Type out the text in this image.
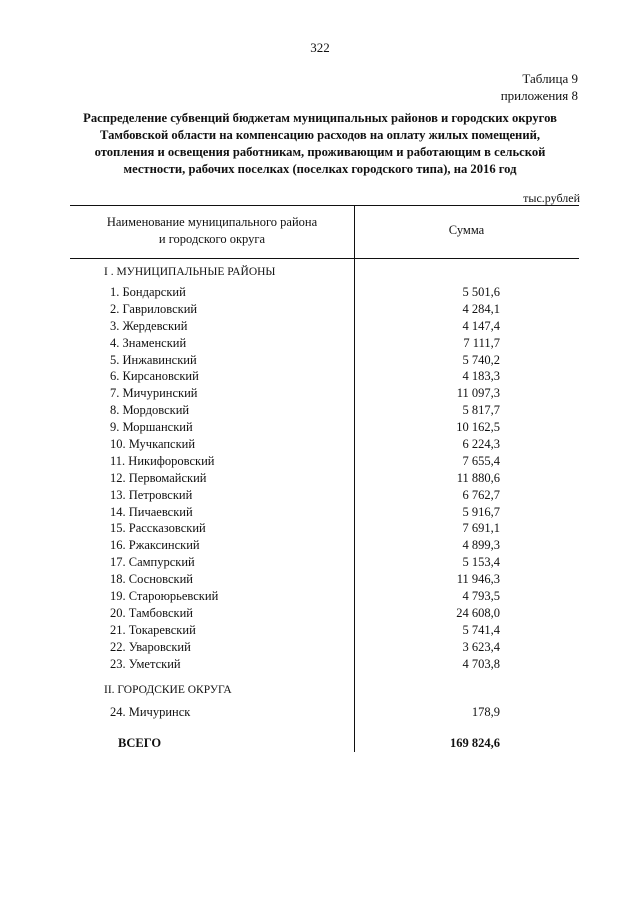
322
Таблица 9
приложения 8
Распределение субвенций бюджетам муниципальных районов и городских округов
Тамбовской области на компенсацию расходов на оплату жилых помещений,
отопления и освещения работникам, проживающим и работающим в сельской
местности, рабочих поселках (поселках городского типа), на 2016 год
тыс.рублей
Наименование муниципального района
и городского округа
Сумма
I . МУНИЦИПАЛЬНЫЕ РАЙОНЫ
1. Бондарский	5 501,6
2. Гавриловский	4 284,1
3. Жердевский	4 147,4
4. Знаменский	7 111,7
5. Инжавинский	5 740,2
6. Кирсановский	4 183,3
7. Мичуринский	11 097,3
8. Мордовский	5 817,7
9. Моршанский	10 162,5
10. Мучкапский	6 224,3
11. Никифоровский	7 655,4
12. Первомайский	11 880,6
13. Петровский	6 762,7
14. Пичаевский	5 916,7
15. Рассказовский	7 691,1
16. Ржаксинский	4 899,3
17. Сампурский	5 153,4
18. Сосновский	11 946,3
19. Староюрьевский	4 793,5
20. Тамбовский	24 608,0
21. Токаревский	5 741,4
22. Уваровский	3 623,4
23. Уметский	4 703,8
II. ГОРОДСКИЕ ОКРУГА
24. Мичуринск	178,9
ВСЕГО	169 824,6
